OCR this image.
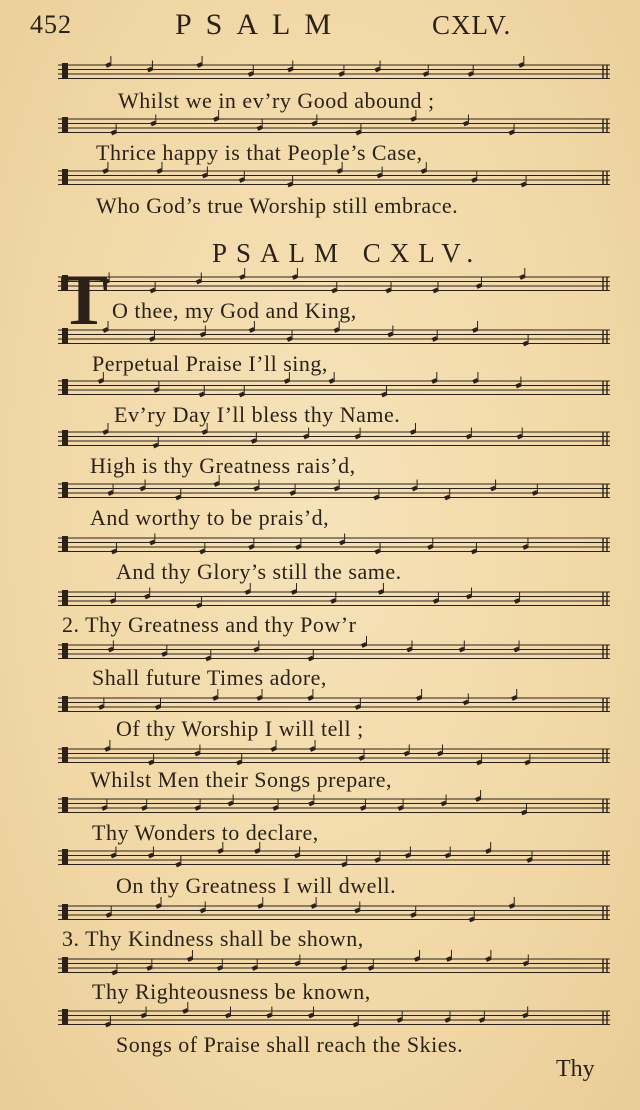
452	PSALM	CXLV.
Whilst we in ev’ry Good abound ;
Thrice happy is that People’s Case,
Who God’s true Worship still embrace.
PSALM CXLV.
T O thee, my God and King,
Perpetual Praise I’ll sing,
Ev’ry Day I’ll bless thy Name.
High is thy Greatness rais’d,
And worthy to be prais’d,
And thy Glory’s still the same.
2. Thy Greatness and thy Pow’r
Shall future Times adore,
Of thy Worship I will tell ;
Whilst Men their Songs prepare,
Thy Wonders to declare,
On thy Greatness I will dwell.
3. Thy Kindness shall be shown,
Thy Righteousness be known,
Songs of Praise shall reach the Skies.
Thy
